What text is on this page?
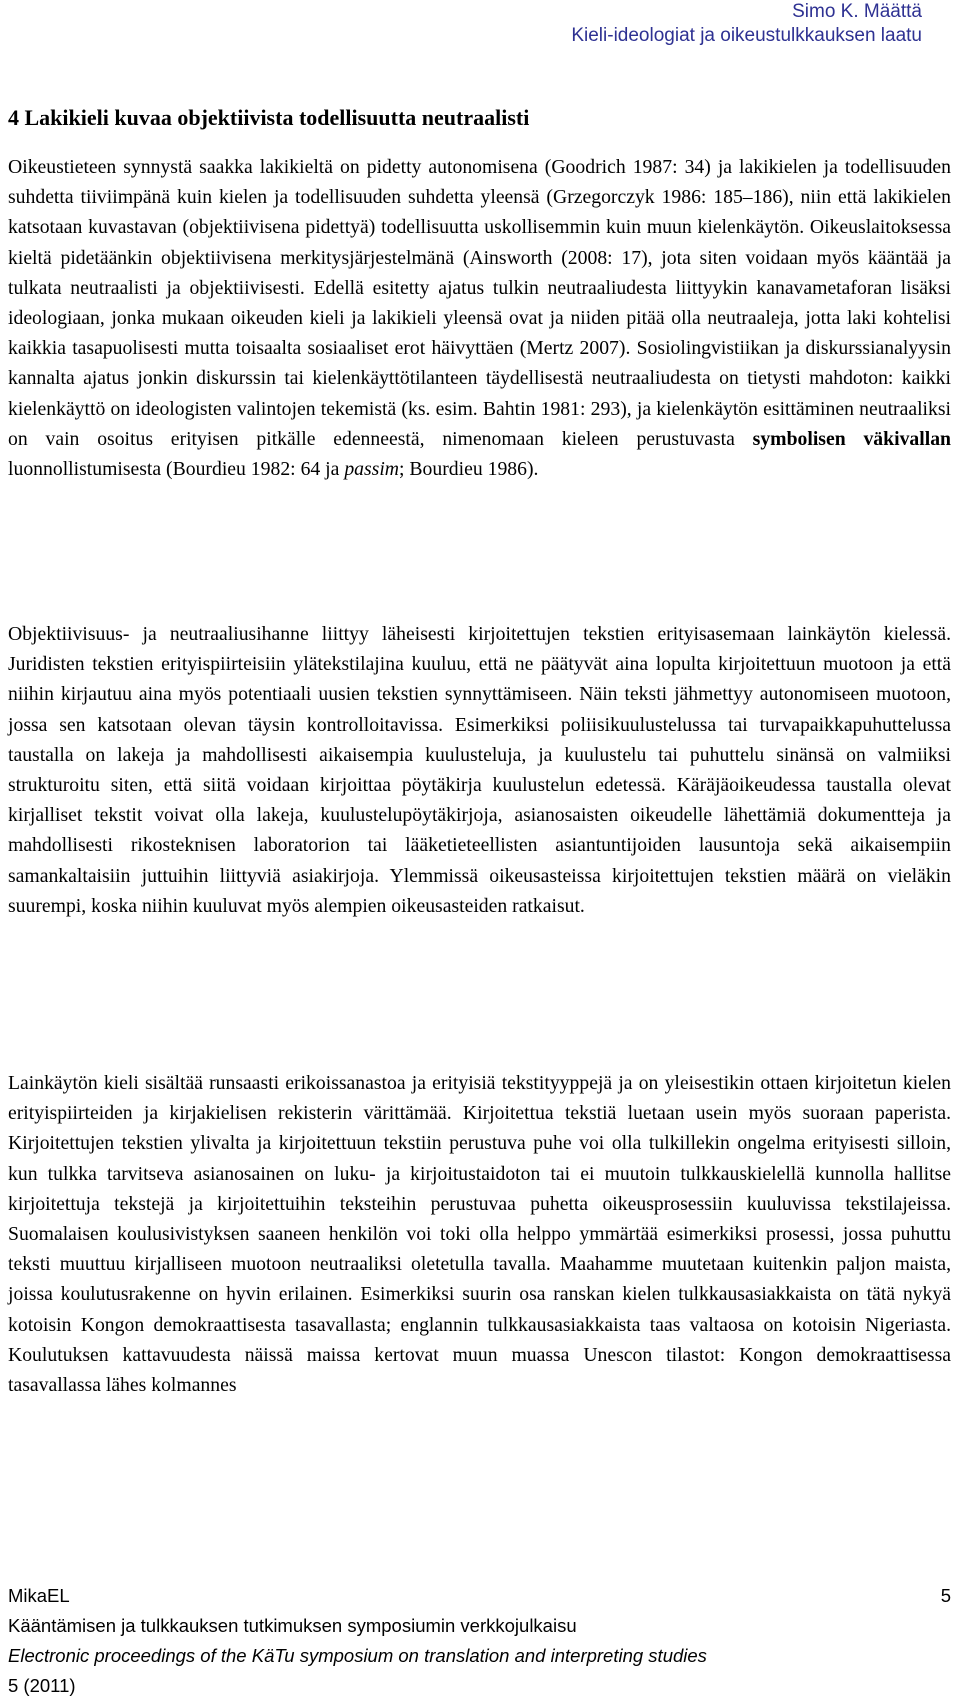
Simo K. Määttä
Kieli-ideologiat ja oikeustulkkauksen laatu
4 Lakikieli kuvaa objektiivista todellisuutta neutraalisti

Oikeustieteen synnystä saakka lakikieltä on pidetty autonomisena (Goodrich 1987: 34) ja lakikielen ja todellisuuden suhdetta tiiviimpänä kuin kielen ja todellisuuden suhdetta yleensä (Grzegorczyk 1986: 185–186), niin että lakikielen katsotaan kuvastavan (objektiivisena pidettyä) todellisuutta uskollisemmin kuin muun kielenkäytön. Oikeuslaitoksessa kieltä pidetäänkin objektiivisena merkitysjärjestelmänä (Ainsworth (2008: 17), jota siten voidaan myös kääntää ja tulkata neutraalisti ja objektiivisesti. Edellä esitetty ajatus tulkin neutraaliudesta liittyykin kanavametaforan lisäksi ideologiaan, jonka mukaan oikeuden kieli ja lakikieli yleensä ovat ja niiden pitää olla neutraaleja, jotta laki kohtelisi kaikkia tasapuolisesti mutta toisaalta sosiaaliset erot häivyttäen (Mertz 2007). Sosiolingvistiikan ja diskurssianalyysin kannalta ajatus jonkin diskurssin tai kielenkäyttötilanteen täydellisestä neutraaliudesta on tietysti mahdoton: kaikki kielenkäyttö on ideologisten valintojen tekemistä (ks. esim. Bahtin 1981: 293), ja kielenkäytön esittäminen neutraaliksi on vain osoitus erityisen pitkälle edenneestä, nimenomaan kieleen perustuvasta symbolisen väkivallan luonnollistumisesta (Bourdieu 1982: 64 ja passim; Bourdieu 1986).

Objektiivisuus- ja neutraaliusihanne liittyy läheisesti kirjoitettujen tekstien erityisasemaan lainkäytön kielessä. Juridisten tekstien erityispiirteisiin ylätekstilajina kuuluu, että ne päätyvät aina lopulta kirjoitettuun muotoon ja että niihin kirjautuu aina myös potentiaali uusien tekstien synnyttämiseen. Näin teksti jähmettyy autonomiseen muotoon, jossa sen katsotaan olevan täysin kontrolloitavissa. Esimerkiksi poliisikuulustelussa tai turvapaikkapuhuttelussa taustalla on lakeja ja mahdollisesti aikaisempia kuulusteluja, ja kuulustelu tai puhuttelu sinänsä on valmiiksi strukturoitu siten, että siitä voidaan kirjoittaa pöytäkirja kuulustelun edetessä. Käräjäoikeudessa taustalla olevat kirjalliset tekstit voivat olla lakeja, kuulustelupöytäkirjoja, asianosaisten oikeudelle lähettämiä dokumentteja ja mahdollisesti rikosteknisen laboratorion tai lääketieteellisten asiantuntijoiden lausuntoja sekä aikaisempiin samankaltaisiin juttuihin liittyviä asiakirjoja. Ylemmissä oikeusasteissa kirjoitettujen tekstien määrä on vieläkin suurempi, koska niihin kuuluvat myös alempien oikeusasteiden ratkaisut.

Lainkäytön kieli sisältää runsaasti erikoissanastoa ja erityisiä tekstityyppejä ja on yleisestikin ottaen kirjoitetun kielen erityispiirteiden ja kirjakielisen rekisterin värittämää. Kirjoitettua tekstiä luetaan usein myös suoraan paperista. Kirjoitettujen tekstien ylivalta ja kirjoitettuun tekstiin perustuva puhe voi olla tulkillekin ongelma erityisesti silloin, kun tulkka tarvitseva asianosainen on luku- ja kirjoitustaidoton tai ei muutoin tulkkauskielellä kunnolla hallitse kirjoitettuja tekstejä ja kirjoitettuihin teksteihin perustuvaa puhetta oikeusprosessiin kuuluvissa tekstilajeissa. Suomalaisen koulusivistyksen saaneen henkilön voi toki olla helppo ymmärtää esimerkiksi prosessi, jossa puhuttu teksti muuttuu kirjalliseen muotoon neutraaliksi oletetulla tavalla. Maahamme muutetaan kuitenkin paljon maista, joissa koulutusrakenne on hyvin erilainen. Esimerkiksi suurin osa ranskan kielen tulkkausasiakkaista on tätä nykyä kotoisin Kongon demokraattisesta tasavallasta; englannin tulkkausasiakkaista taas valtaosa on kotoisin Nigeriasta. Koulutuksen kattavuudesta näissä maissa kertovat muun muassa Unescon tilastot: Kongon demokraattisessa tasavallassa lähes kolmannes

MikaEL	5
Kääntämisen ja tulkkauksen tutkimuksen symposiumin verkkojulkaisu
Electronic proceedings of the KäTu symposium on translation and interpreting studies
5 (2011)
